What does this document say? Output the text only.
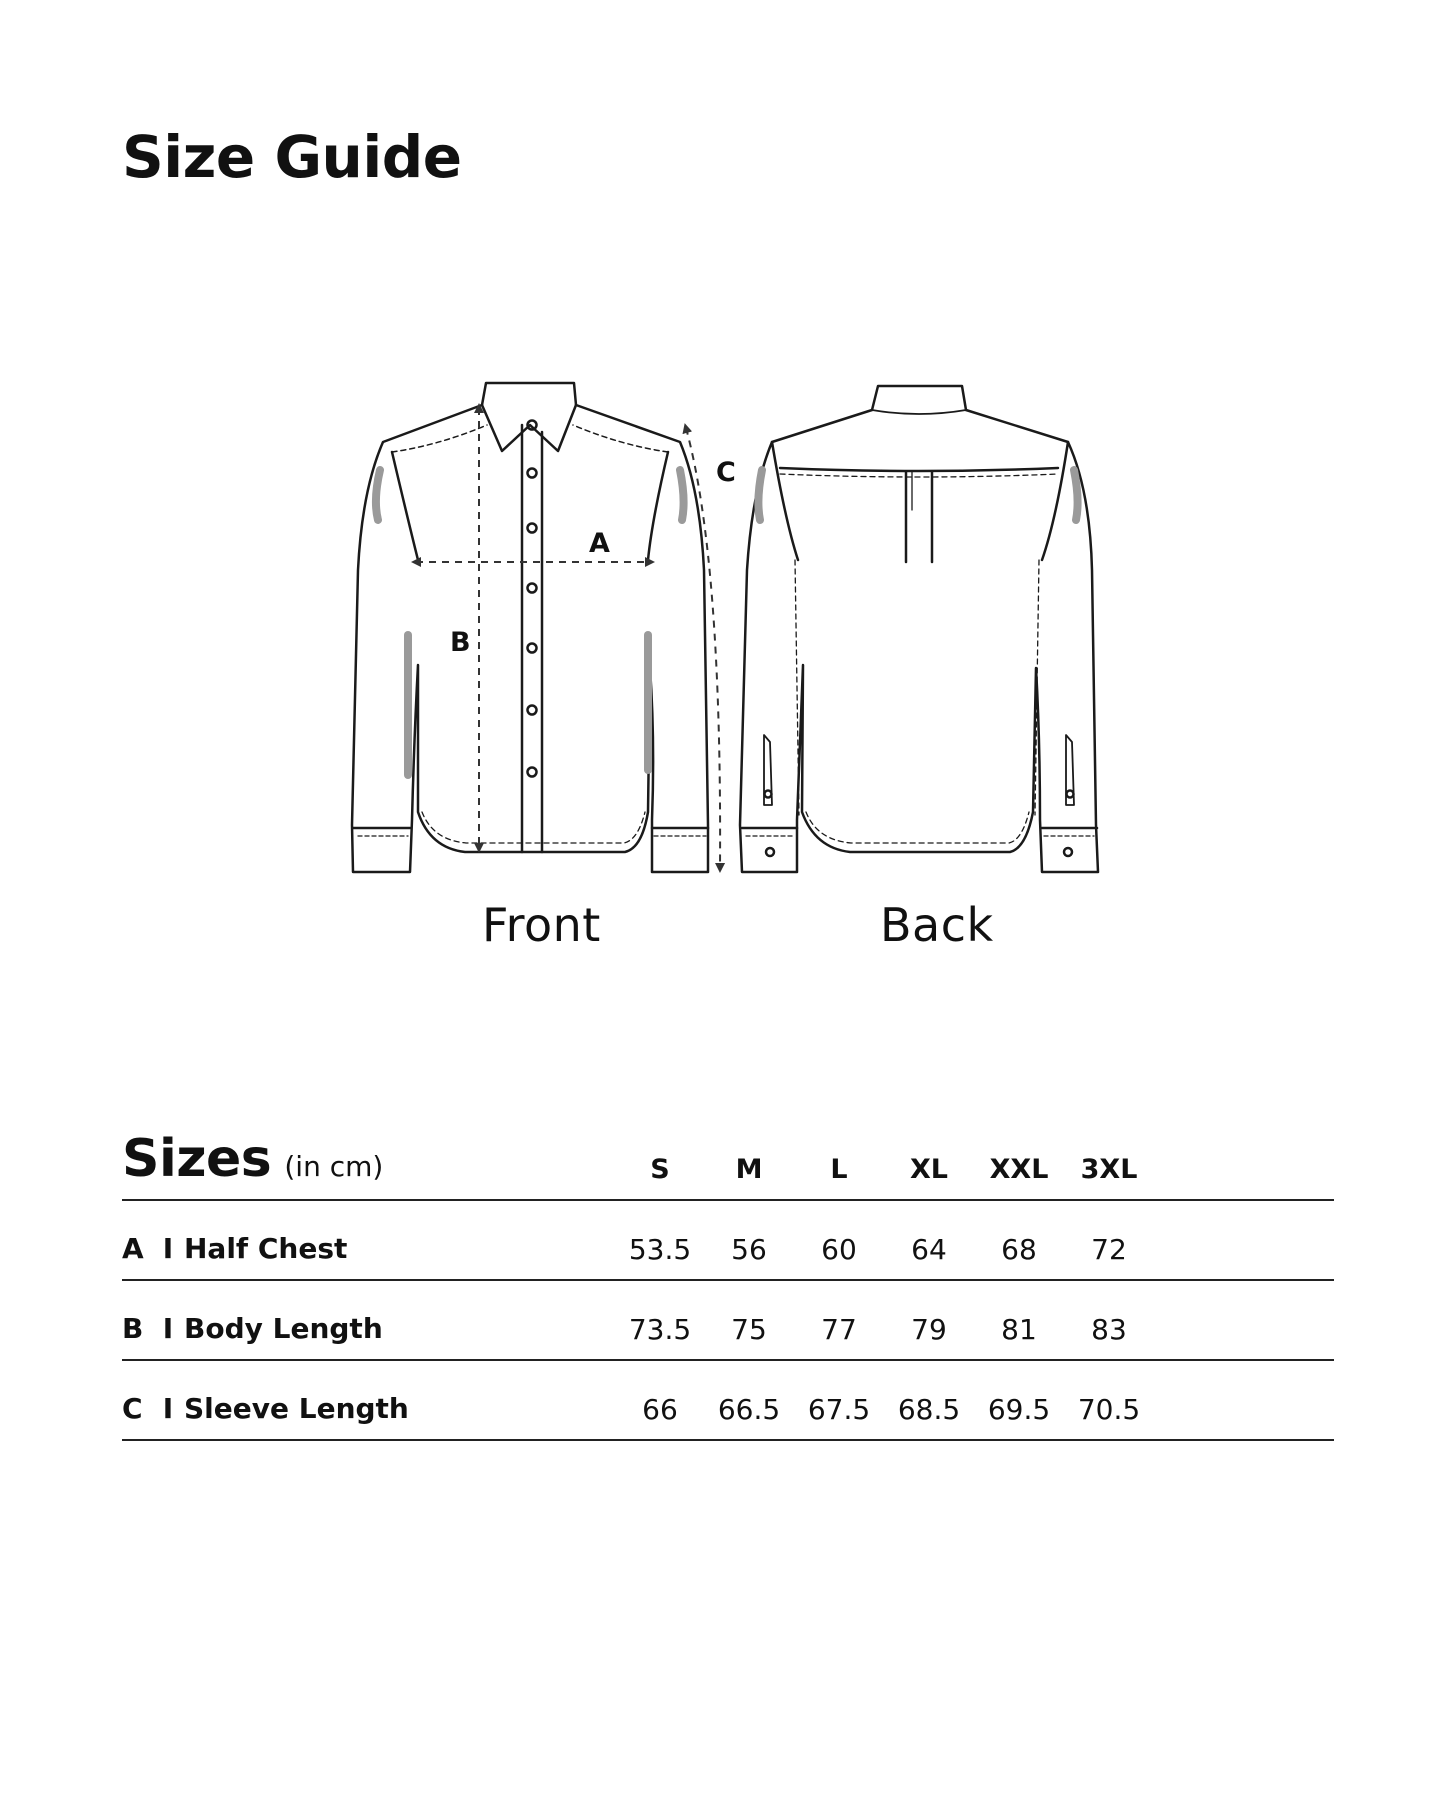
Size Guide
A
B
C
Front	Back
Sizes (in cm)	S	M	L	XL	XXL	3XL
A I Half Chest	53.5	56	60	64	68	72
B I Body Length	73.5	75	77	79	81	83
C I Sleeve Length	66	66.5 67.5 68.5 69.5 70.5
